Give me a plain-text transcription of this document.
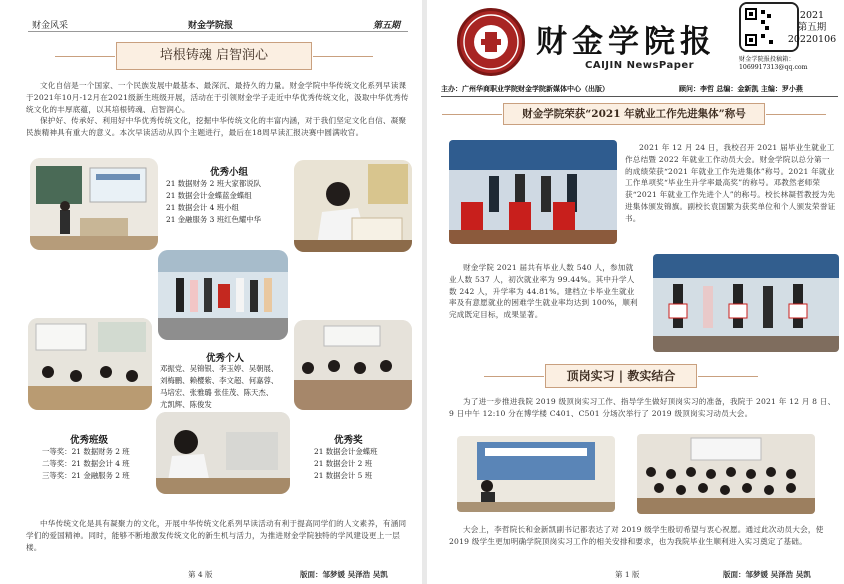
财金风采	财金学院报	第五期
培根铸魂 启智润心

文化自信是一个国家、一个民族发展中最基本、最深沉、最持久的力量。财金学院中华传统文化系列早读课于2021年10月-12月在2021级新生班级开展，活动在于引领财金学子走近中华优秀传统文化，汲取中华优秀传统文化的丰厚底蕴，以其培根铸魂、启智润心。

保护好、传承好、利用好中华优秀传统文化，挖掘中华传统文化的丰富内涵，对于我们坚定文化自信、凝聚民族精神具有重大的意义。本次早读活动从四个主题进行，最后在18周早读汇报决赛中圆满收官。

优秀小组
21 数据财务 2 班大家都说队
21 数据会计金蝶蓝金蝶组
21 数据会计 4 班小组
21 金融服务 3 班红色耀中华
优秀个人
邓振党、吴锦银、李玉婷、吴朝展、
刘梅鹏、赖樱紫、李文超、何嘉蓉、
马培宏、张雅璐 张佳茂、陈天杰、
尤凯辉、陈俊发
优秀班级
一等奖：21 数据财务 2 班
二等奖：21 数据会计 4 班
三等奖：21 金融服务 2 班
优秀奖
21 数据会计金蝶班
21 数据会计 2 班
21 数据会计 5 班

中华传统文化是具有凝聚力的文化，开展中华传统文化系列早读活动有利于提高同学们的人文素养，有涵同学们的爱国精神。同时，能够不断地激发传统文化的新生机与活力，为推进财金学院独特的学风建设更上一层楼。

第 4 版	版面：邹梦媛 吴泽浩 吴凯
财金学院报
CAIJIN NewsPaper
2021
第五期
20220106
财金学院报投稿箱：
1069917313@qq.com
主办：广州华商职业学院财金学院新媒体中心（出版）	顾问：李哲 总编：金新凯 主编：罗小燕
财金学院荣获“2021 年就业工作先进集体”称号

2021 年 12 月 24 日，我校召开 2021 届毕业生就业工作总结暨 2022 年就业工作动员大会。财金学院以总分第一的成绩荣获“2021 年就业工作先进集体”称号。2021 年就业工作单项奖“毕业生升学率最高奖”的称号。邓教然老师荣获“2021 年就业工作先进个人”的称号。校长林凝哲教授为先进集体颁发锦旗。副校长袁国繁为获奖单位和个人颁发荣誉证书。

财金学院 2021 届共有毕业人数 540 人，参加就业人数 537 人，初次就业率为 99.44%。其中升学人数 242 人，升学率为 44.81%。建档立卡毕业生就业率及有意愿就业的困难学生就业率均达到 100%，顺利完成既定目标，成果显著。

顶岗实习 | 教实结合

为了进一步推进我院 2019 级顶岗实习工作、指导学生做好顶岗实习的准备，我院于 2021 年 12 月 8 日、9 日中午 12:10 分在博学楼 C401、C501 分场次举行了 2019 级顶岗实习动员大会。

大会上，李哲院长和金新凯副书记都表达了对 2019 级学生殷切希望与衷心祝愿。通过此次动员大会，使 2019 级学生更加明确学院顶岗实习工作的相关安排和要求，也为我院毕业生顺利进入实习奠定了基础。

第 1 版	版面：邹梦媛 吴泽浩 吴凯
